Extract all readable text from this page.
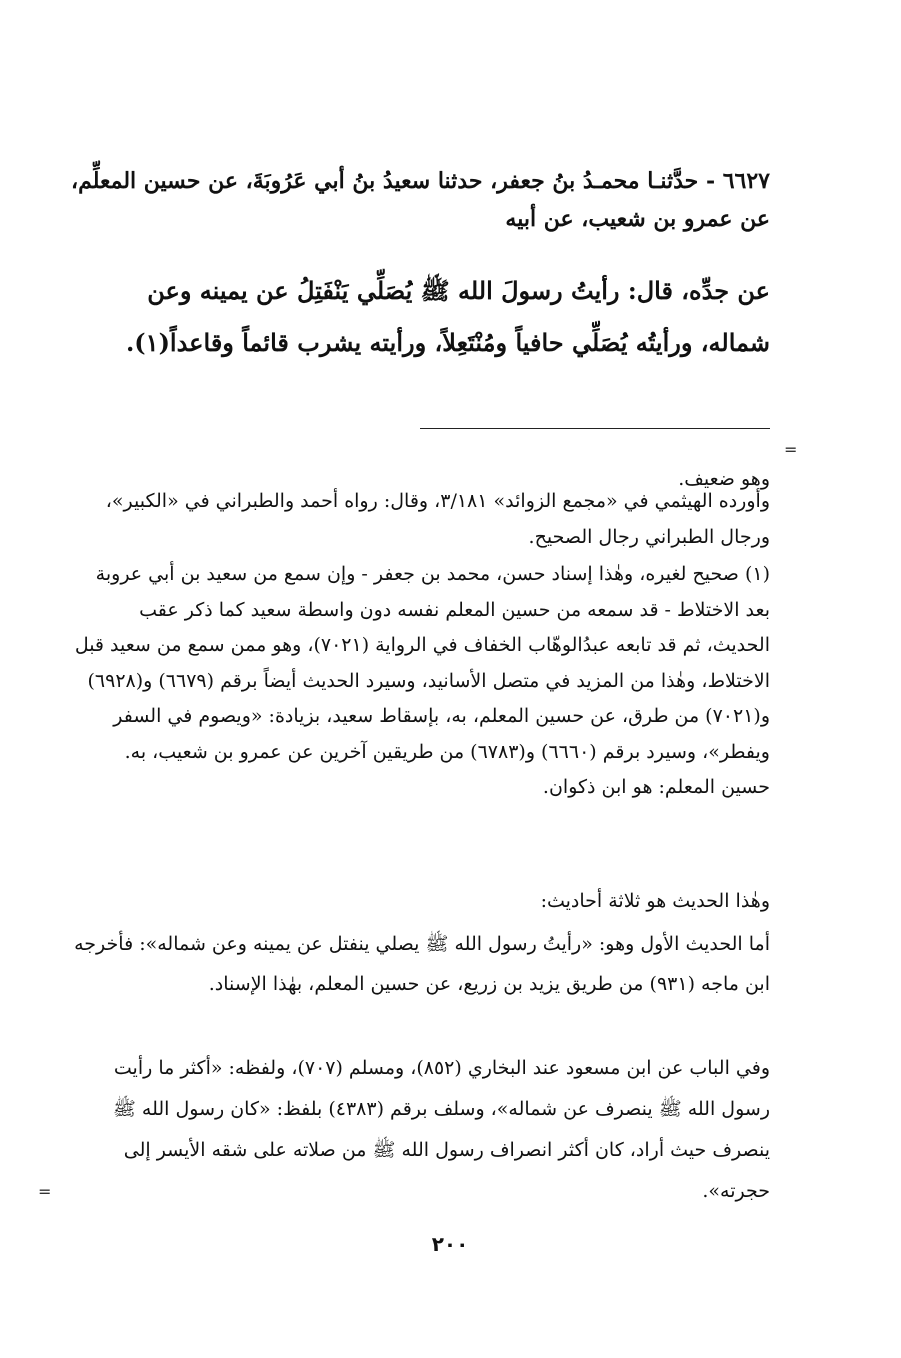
٦٦٢٧ - حدَّثنـا محمـدُ بنُ جعفر، حدثنا سعيدُ بنُ أبي عَرُوبَةَ، عن حسين المعلِّم، عن عمرو بن شعيب، عن أبيه

عن جدِّه، قال: رأيتُ رسولَ الله ﷺ يُصَلِّي يَنْفَتِلُ عن يمينه وعن شماله، ورأيتُه يُصَلِّي حافياً ومُنْتَعِلاً، ورأيته يشرب قائماً وقاعداً(١).

=

وهو ضعيف.

وأورده الهيثمي في «مجمع الزوائد» ٣/١٨١، وقال: رواه أحمد والطبراني في «الكبير»، ورجال الطبراني رجال الصحيح.

(١) صحيح لغيره، وهٰذا إسناد حسن، محمد بن جعفر - وإن سمع من سعيد بن أبي عروبة بعد الاختلاط - قد سمعه من حسين المعلم نفسه دون واسطة سعيد كما ذكر عقب الحديث، ثم قد تابعه عبدُالوهّاب الخفاف في الرواية (٧٠٢١)، وهو ممن سمع من سعيد قبل الاختلاط، وهٰذا من المزيد في متصل الأسانيد، وسيرد الحديث أيضاً برقم (٦٦٧٩) و(٦٩٢٨) و(٧٠٢١) من طرق، عن حسين المعلم، به، بإسقاط سعيد، بزيادة: «ويصوم في السفر ويفطر»، وسيرد برقم (٦٦٦٠) و(٦٧٨٣) من طريقين آخرين عن عمرو بن شعيب، به. حسين المعلم: هو ابن ذكوان.

وهٰذا الحديث هو ثلاثة أحاديث:

أما الحديث الأول وهو: «رأيتُ رسول الله ﷺ يصلي ينفتل عن يمينه وعن شماله»: فأخرجه ابن ماجه (٩٣١) من طريق يزيد بن زريع، عن حسين المعلم، بهٰذا الإسناد.

وفي الباب عن ابن مسعود عند البخاري (٨٥٢)، ومسلم (٧٠٧)، ولفظه: «أكثر ما رأيت رسول الله ﷺ ينصرف عن شماله»، وسلف برقم (٤٣٨٣) بلفظ: «كان رسول الله ﷺ ينصرف حيث أراد، كان أكثر انصراف رسول الله ﷺ من صلاته على شقه الأيسر إلى حجرته».

=
٢٠٠
